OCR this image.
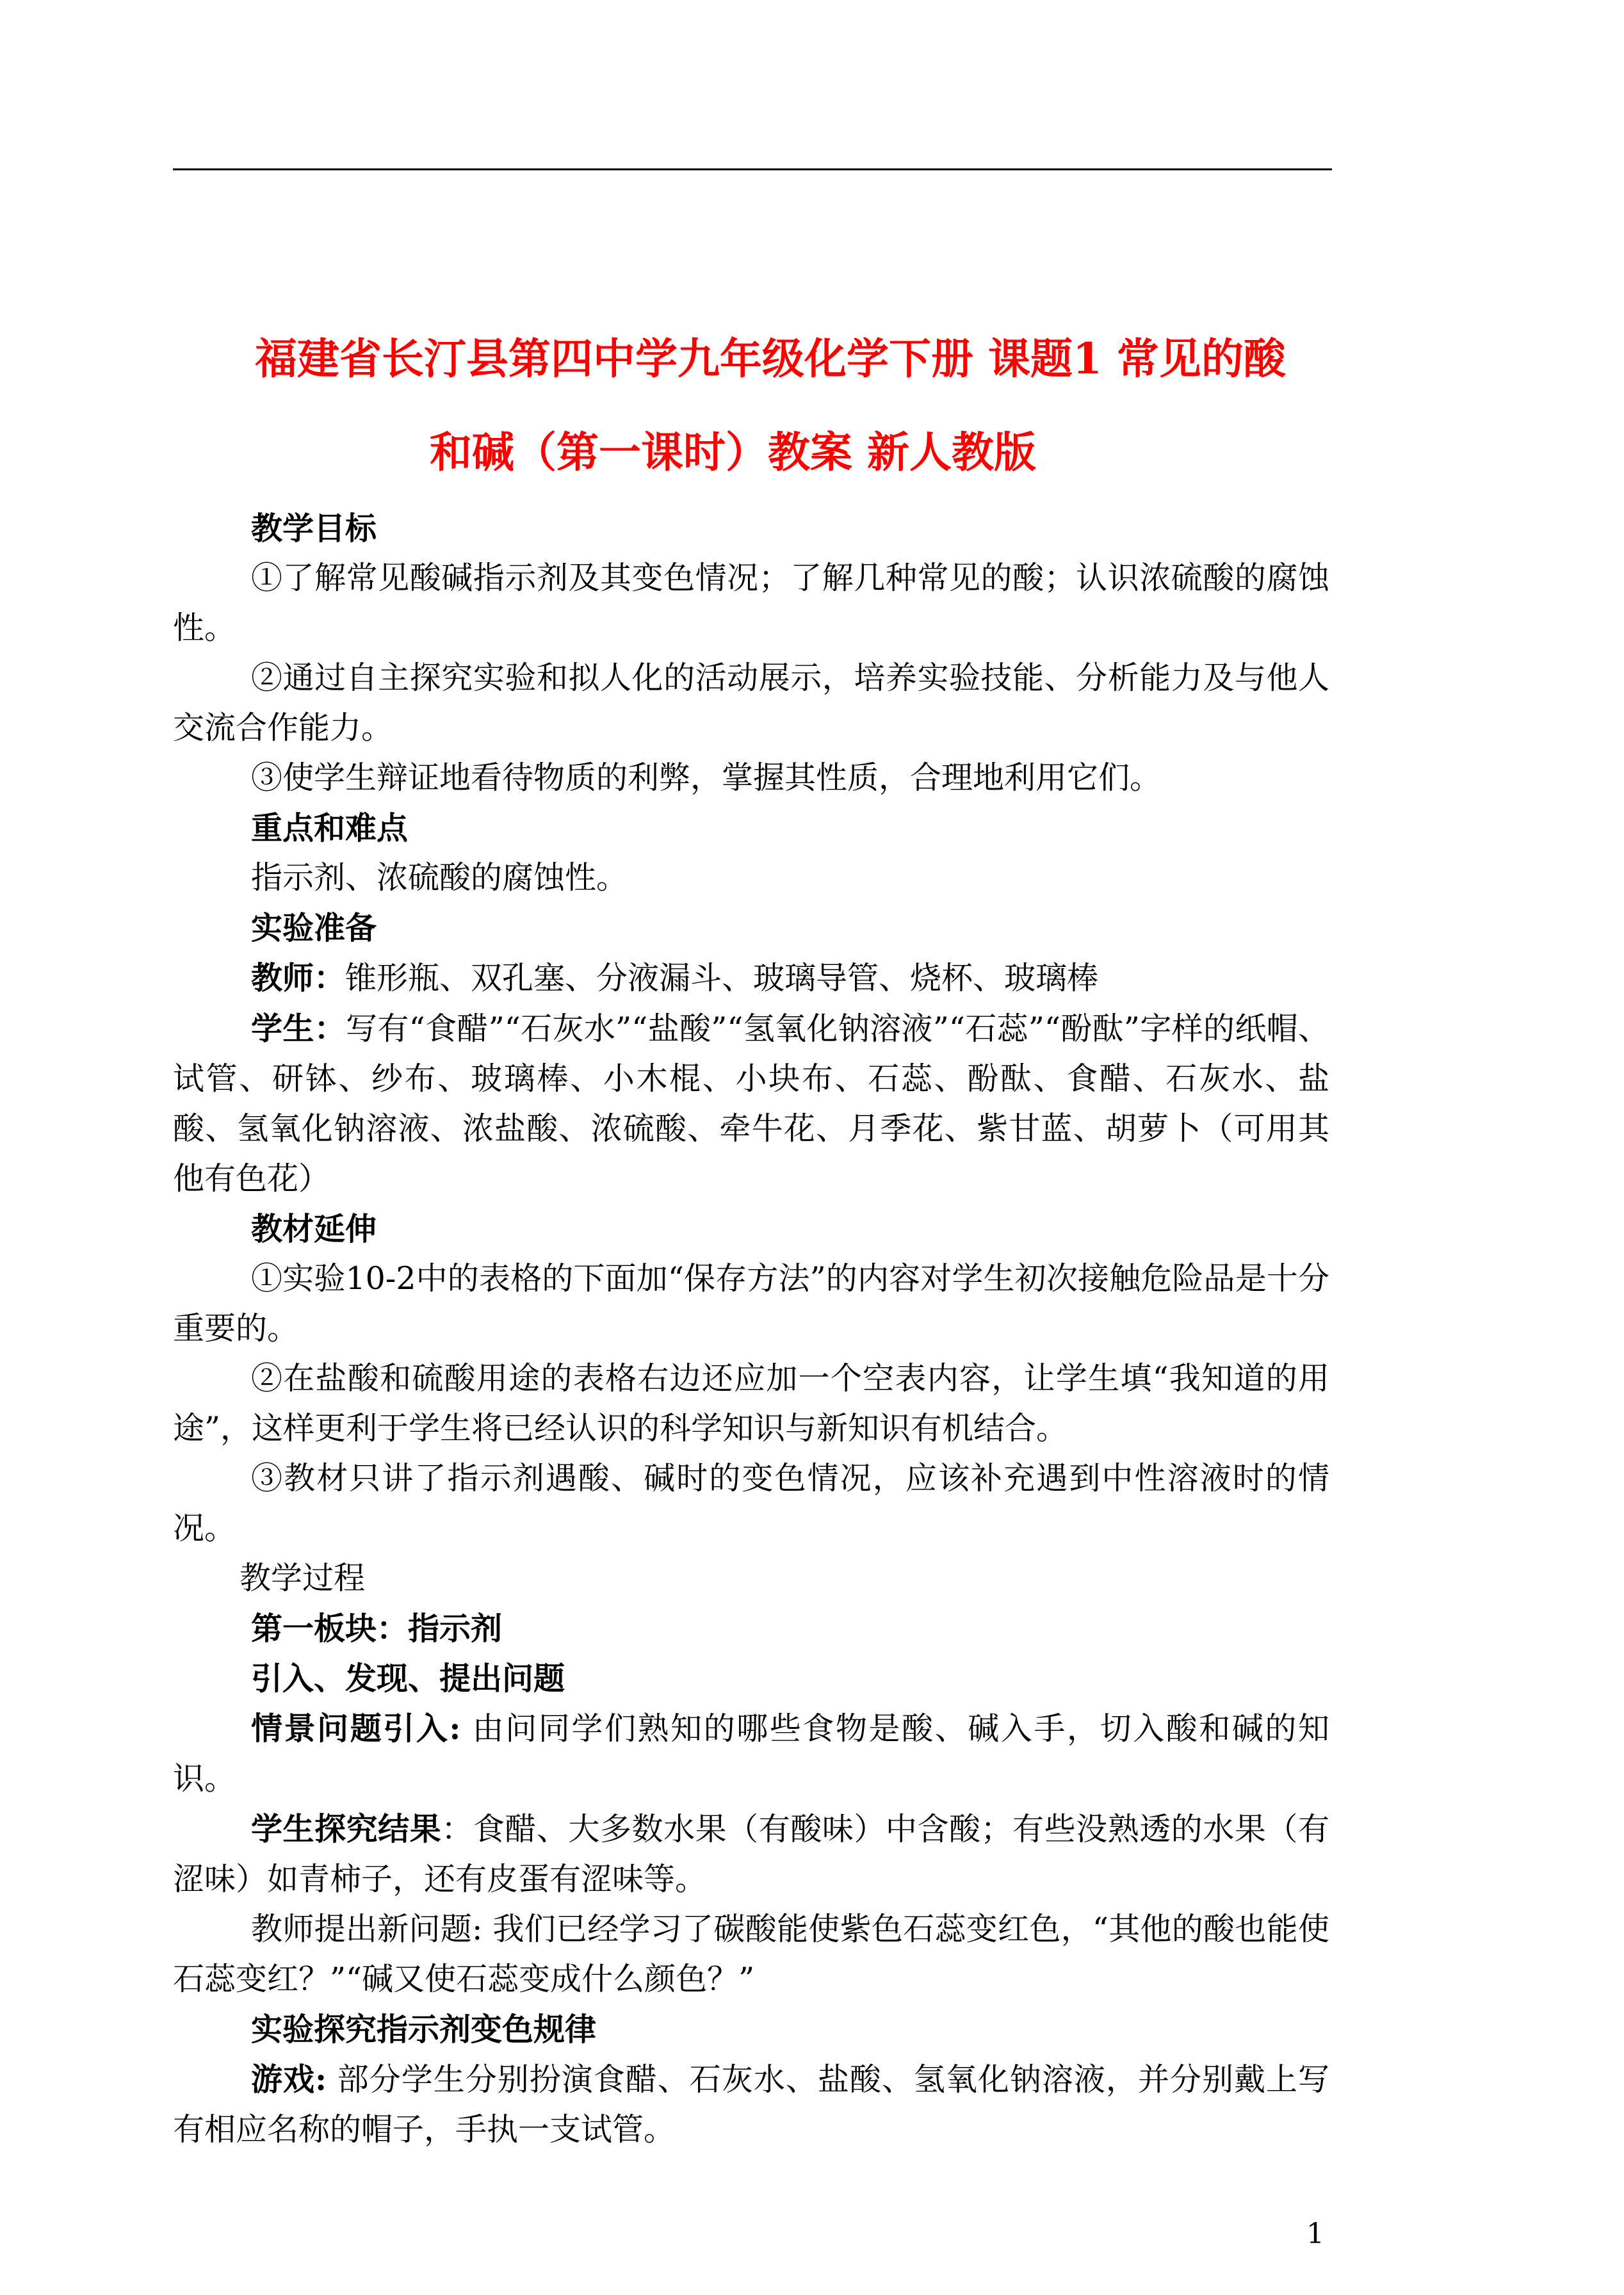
福建省长汀县第四中学九年级化学下册 课题1 常见的酸
和碱（第一课时）教案 新人教版

教学目标

①了解常见酸碱指示剂及其变色情况；了解几种常见的酸；认识浓硫酸的腐蚀性。

②通过自主探究实验和拟人化的活动展示，培养实验技能、分析能力及与他人交流合作能力。

③使学生辩证地看待物质的利弊，掌握其性质，合理地利用它们。

重点和难点

指示剂、浓硫酸的腐蚀性。

实验准备

教师：锥形瓶、双孔塞、分液漏斗、玻璃导管、烧杯、玻璃棒

学生：写有“食醋”“石灰水”“盐酸”“氢氧化钠溶液”“石蕊”“酚酞”字样的纸帽、试管、研钵、纱布、玻璃棒、小木棍、小块布、石蕊、酚酞、食醋、石灰水、盐酸、氢氧化钠溶液、浓盐酸、浓硫酸、牵牛花、月季花、紫甘蓝、胡萝卜（可用其他有色花）

教材延伸

①实验10-2中的表格的下面加“保存方法”的内容对学生初次接触危险品是十分重要的。

②在盐酸和硫酸用途的表格右边还应加一个空表内容，让学生填“我知道的用途”，这样更利于学生将已经认识的科学知识与新知识有机结合。

③教材只讲了指示剂遇酸、碱时的变色情况，应该补充遇到中性溶液时的情况。

教学过程

第一板块：指示剂

引入、发现、提出问题

情景问题引入: 由问同学们熟知的哪些食物是酸、碱入手，切入酸和碱的知识。

学生探究结果：食醋、大多数水果（有酸味）中含酸；有些没熟透的水果（有涩味）如青柿子，还有皮蛋有涩味等。

教师提出新问题: 我们已经学习了碳酸能使紫色石蕊变红色，“其他的酸也能使石蕊变红？”“碱又使石蕊变成什么颜色？”

实验探究指示剂变色规律

游戏: 部分学生分别扮演食醋、石灰水、盐酸、氢氧化钠溶液，并分别戴上写有相应名称的帽子，手执一支试管。

1
